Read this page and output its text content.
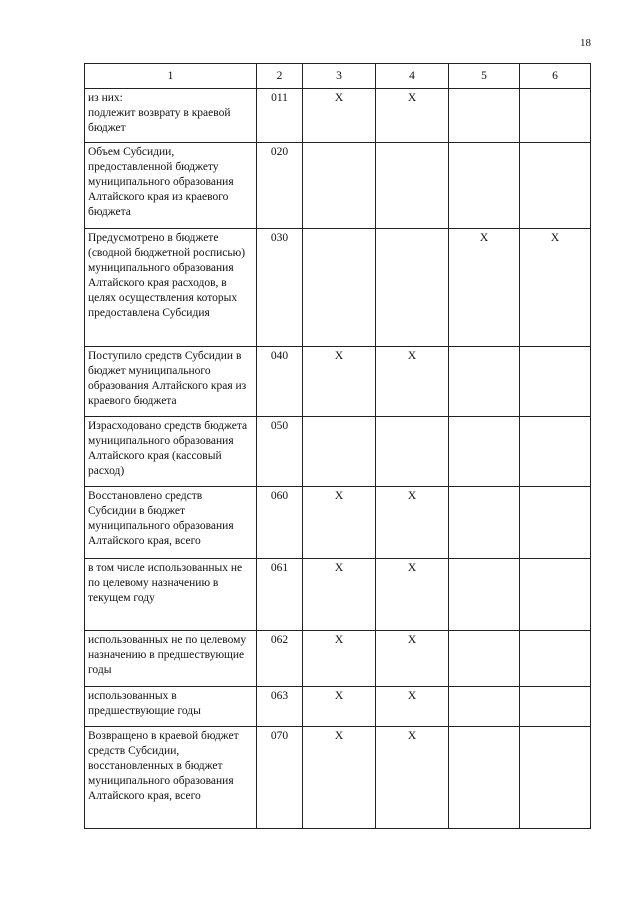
18
1	2	3	4	5	6
из них:
подлежит возврату в краевой бюджет	011	X	X		
Объем Субсидии, предоставленной бюджету муниципального образования Алтайского края из краевого бюджета	020				
Предусмотрено в бюджете (сводной бюджетной росписью) муниципального образования Алтайского края расходов, в целях осуществления которых предоставлена Субсидия	030			X	X
Поступило средств Субсидии в бюджет муниципального образования Алтайского края из краевого бюджета	040	X	X		
Израсходовано средств бюджета муниципального образования Алтайского края (кассовый расход)	050				
Восстановлено средств Субсидии в бюджет муниципального образования Алтайского края, всего	060	X	X		
в том числе использованных не по целевому назначению в текущем году	061	X	X		
использованных не по целевому назначению в предшествующие годы	062	X	X		
использованных в предшествующие годы	063	X	X		
Возвращено в краевой бюджет средств Субсидии, восстановленных в бюджет муниципального образования Алтайского края, всего	070	X	X		
